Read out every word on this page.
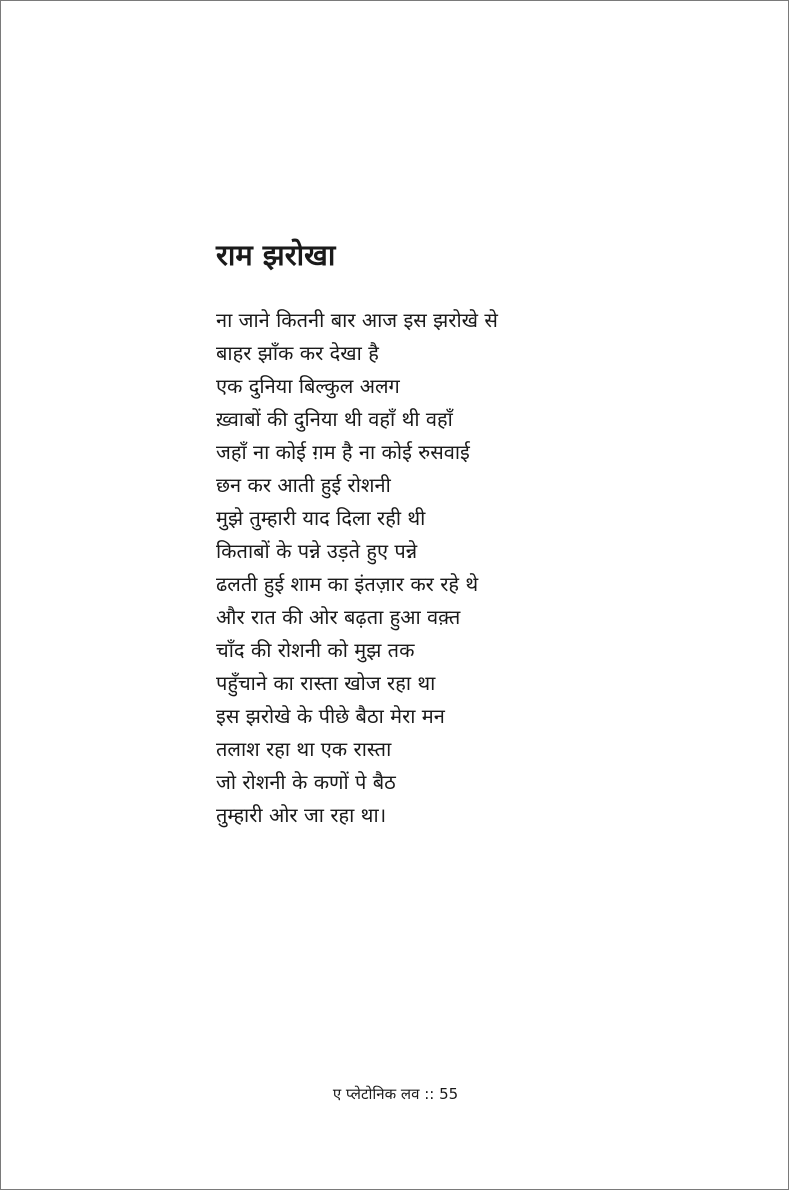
राम झरोखा
ना जाने कितनी बार आज इस झरोखे से
बाहर झाँक कर देखा है
एक दुनिया बिल्कुल अलग
ख़्वाबों की दुनिया थी वहाँ थी वहाँ
जहाँ ना कोई ग़म है ना कोई रुसवाई
छन कर आती हुई रोशनी
मुझे तुम्हारी याद दिला रही थी
किताबों के पन्ने उड़ते हुए पन्ने
ढलती हुई शाम का इंतज़ार कर रहे थे
और रात की ओर बढ़ता हुआ वक़्त
चाँद की रोशनी को मुझ तक
पहुँचाने का रास्ता खोज रहा था
इस झरोखे के पीछे बैठा मेरा मन
तलाश रहा था एक रास्ता
जो रोशनी के कणों पे बैठ
तुम्हारी ओर जा रहा था।
ए प्लेटोनिक लव :: 55
